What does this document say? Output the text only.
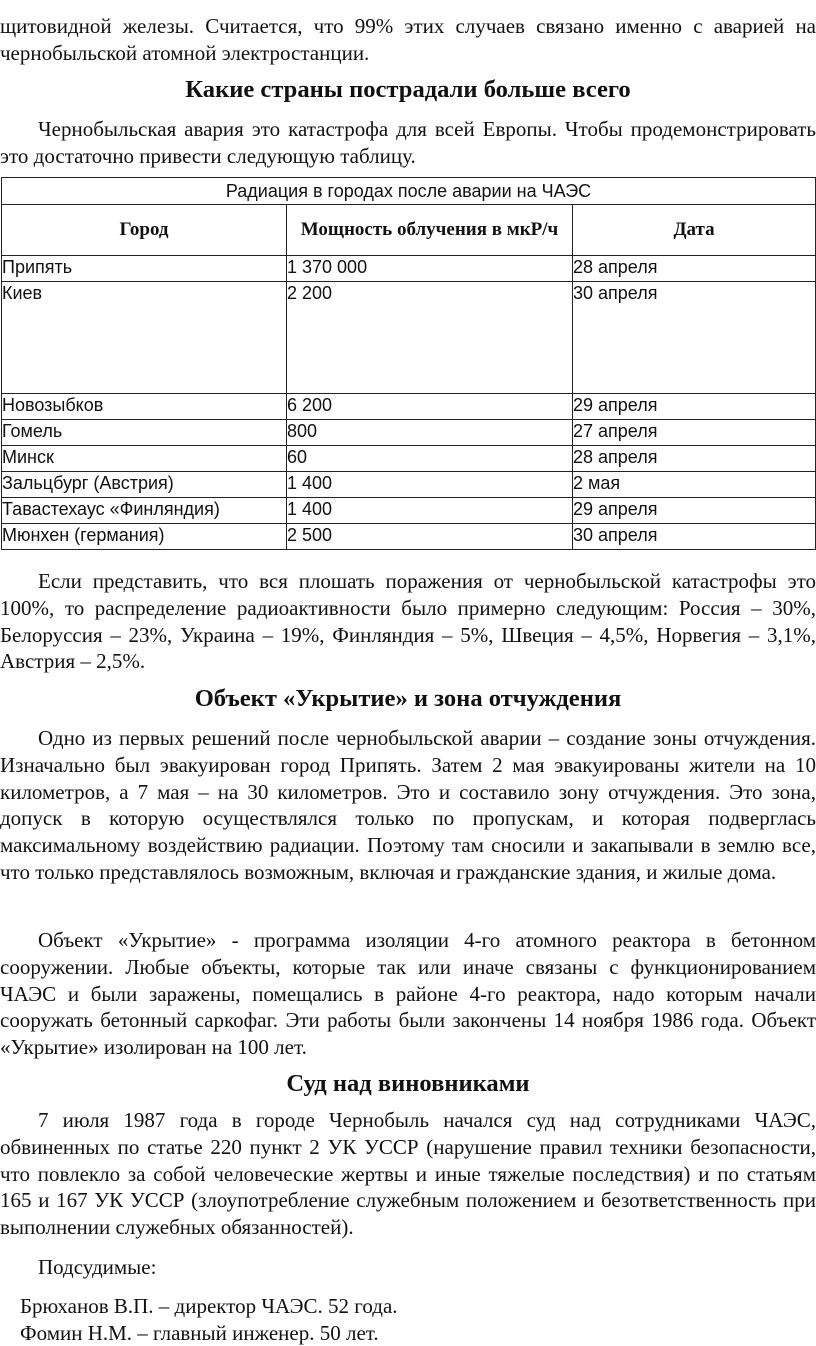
щитовидной железы. Считается, что 99% этих случаев связано именно с аварией на чернобыльской атомной электростанции.

Какие страны пострадали больше всего

Чернобыльская авария это катастрофа для всей Европы. Чтобы продемонстрировать это достаточно привести следующую таблицу.

Радиация в городах после аварии на ЧАЭС		
Город	Мощность облучения в мкР/ч	Дата
Припять	1 370 000	28 апреля
Киев	2 200	30 апреля
Новозыбков	6 200	29 апреля
Гомель	800	27 апреля
Минск	60	28 апреля
Зальцбург (Австрия)	1 400	2 мая
Тавастехаус «Финляндия)	1 400	29 апреля
Мюнхен (германия)	2 500	30 апреля

Если представить, что вся плошать поражения от чернобыльской катастрофы это 100%, то распределение радиоактивности было примерно следующим: Россия – 30%, Белоруссия – 23%, Украина – 19%, Финляндия – 5%, Швеция – 4,5%, Норвегия – 3,1%, Австрия – 2,5%.

Объект «Укрытие» и зона отчуждения

Одно из первых решений после чернобыльской аварии – создание зоны отчуждения. Изначально был эвакуирован город Припять. Затем 2 мая эвакуированы жители на 10 километров, а 7 мая – на 30 километров. Это и составило зону отчуждения. Это зона, допуск в которую осуществлялся только по пропускам, и которая подверглась максимальному воздействию радиации. Поэтому там сносили и закапывали в землю все, что только представлялось возможным, включая и гражданские здания, и жилые дома.

Объект «Укрытие» - программа изоляции 4-го атомного реактора в бетонном сооружении. Любые объекты, которые так или иначе связаны с функционированием ЧАЭС и были заражены, помещались в районе 4-го реактора, надо которым начали сооружать бетонный саркофаг. Эти работы были закончены 14 ноября 1986 года. Объект «Укрытие» изолирован на 100 лет.

Суд над виновниками

7 июля 1987 года в городе Чернобыль начался суд над сотрудниками ЧАЭС, обвиненных по статье 220 пункт 2 УК УССР (нарушение правил техники безопасности, что повлекло за собой человеческие жертвы и иные тяжелые последствия) и по статьям 165 и 167 УК УССР (злоупотребление служебным положением и безответственность при выполнении служебных обязанностей).

Подсудимые:
Брюханов В.П. – директор ЧАЭС. 52 года.
Фомин Н.М. – главный инженер. 50 лет.
